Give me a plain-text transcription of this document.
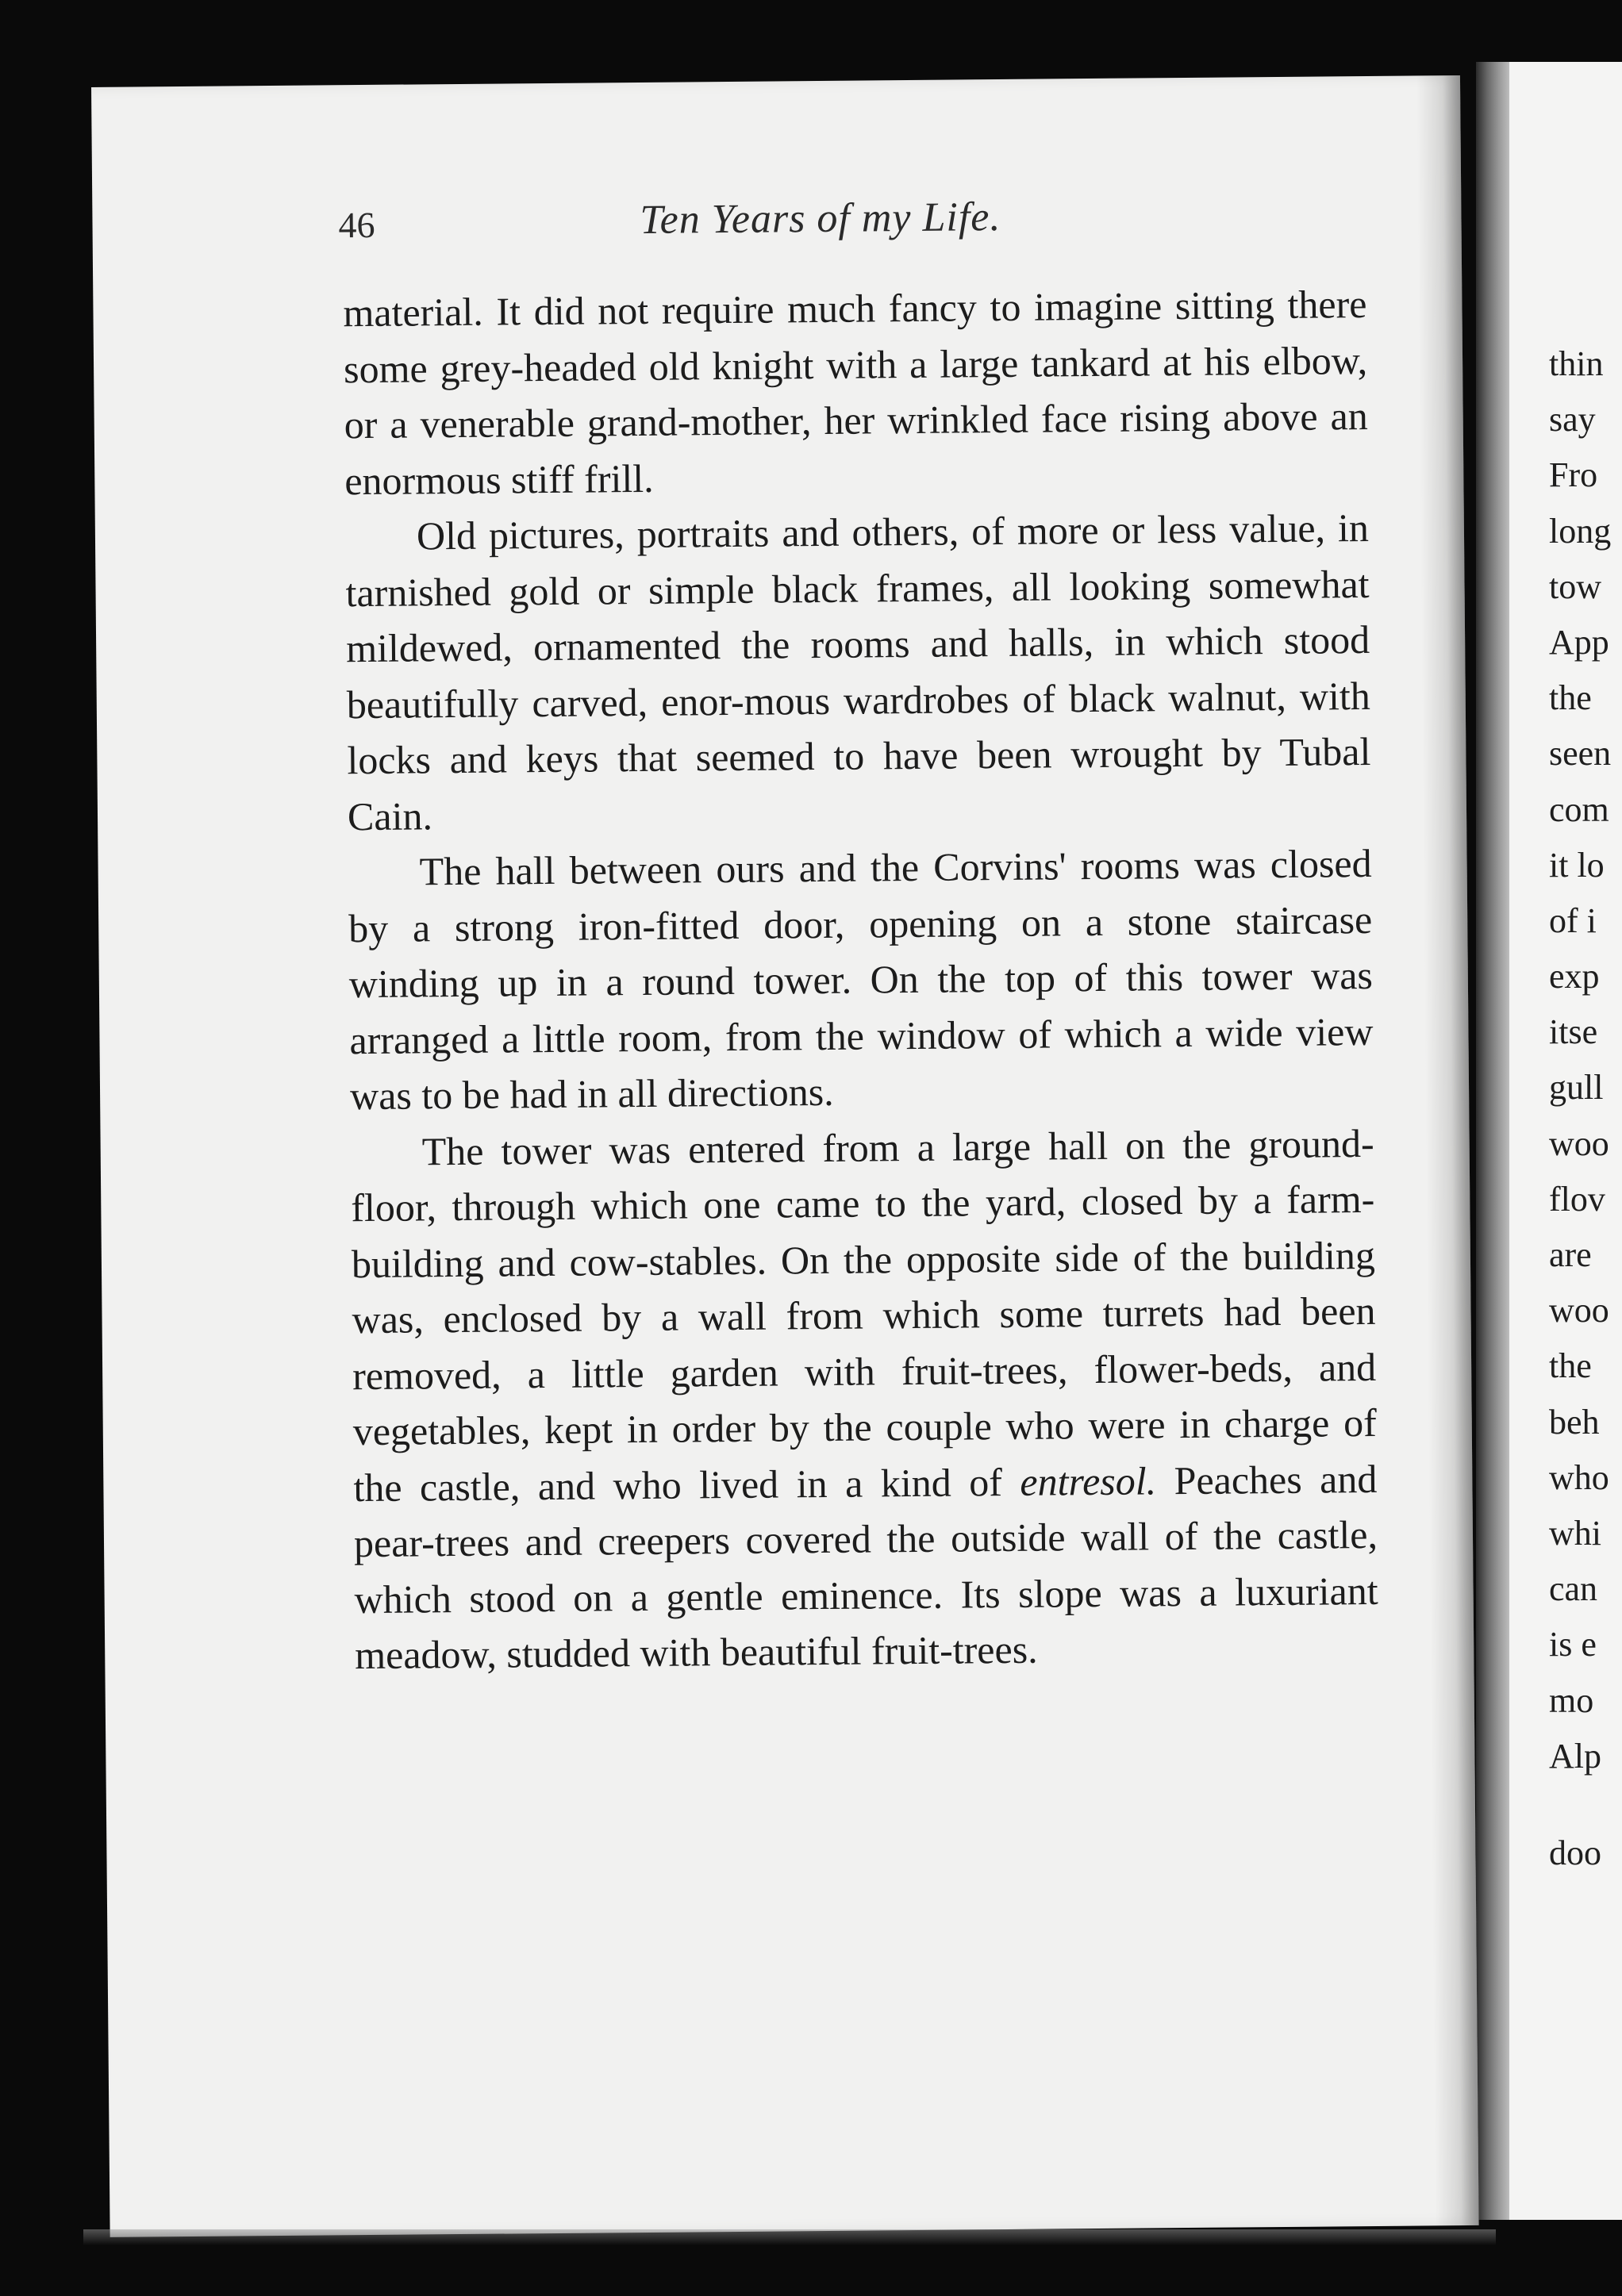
thin
say
Fro
long
tow
App
the
seen
com
it lo
of i
exp
itse
gull
woo
flov
are
woo
the
beh
who
whi
can
is e
mo
Alp
doo
46	Ten Years of my Life.

material. It did not require much fancy to imagine sitting there some grey-headed old knight with a large tankard at his elbow, or a venerable grand-mother, her wrinkled face rising above an enormous stiff frill.

Old pictures, portraits and others, of more or less value, in tarnished gold or simple black frames, all looking somewhat mildewed, ornamented the rooms and halls, in which stood beautifully carved, enor-mous wardrobes of black walnut, with locks and keys that seemed to have been wrought by Tubal Cain.

The hall between ours and the Corvins' rooms was closed by a strong iron-fitted door, opening on a stone staircase winding up in a round tower. On the top of this tower was arranged a little room, from the window of which a wide view was to be had in all directions.

The tower was entered from a large hall on the ground-floor, through which one came to the yard, closed by a farm-building and cow-stables. On the opposite side of the building was, enclosed by a wall from which some turrets had been removed, a little garden with fruit-trees, flower-beds, and vegetables, kept in order by the couple who were in charge of the castle, and who lived in a kind of entresol. Peaches and pear-trees and creepers covered the outside wall of the castle, which stood on a gentle eminence. Its slope was a luxuriant meadow, studded with beautiful fruit-trees.
